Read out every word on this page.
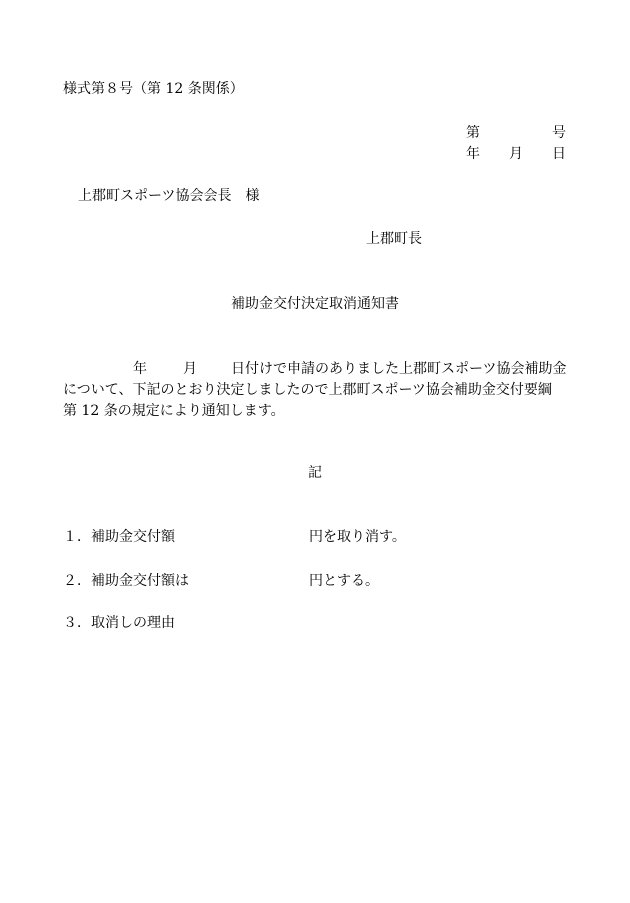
様式第８号（第 12 条関係）
第	号
年 月 日
上郡町スポーツ協会会長　様
上郡町長
補助金交付決定取消通知書
年	月 日付けで申請のありました上郡町スポーツ協会補助金
について、下記のとおり決定しましたので上郡町スポーツ協会補助金交付要綱
第 12 条の規定により通知します。
記
１．補助金交付額	円を取り消す。
２．補助金交付額は	円とする。
３．取消しの理由
